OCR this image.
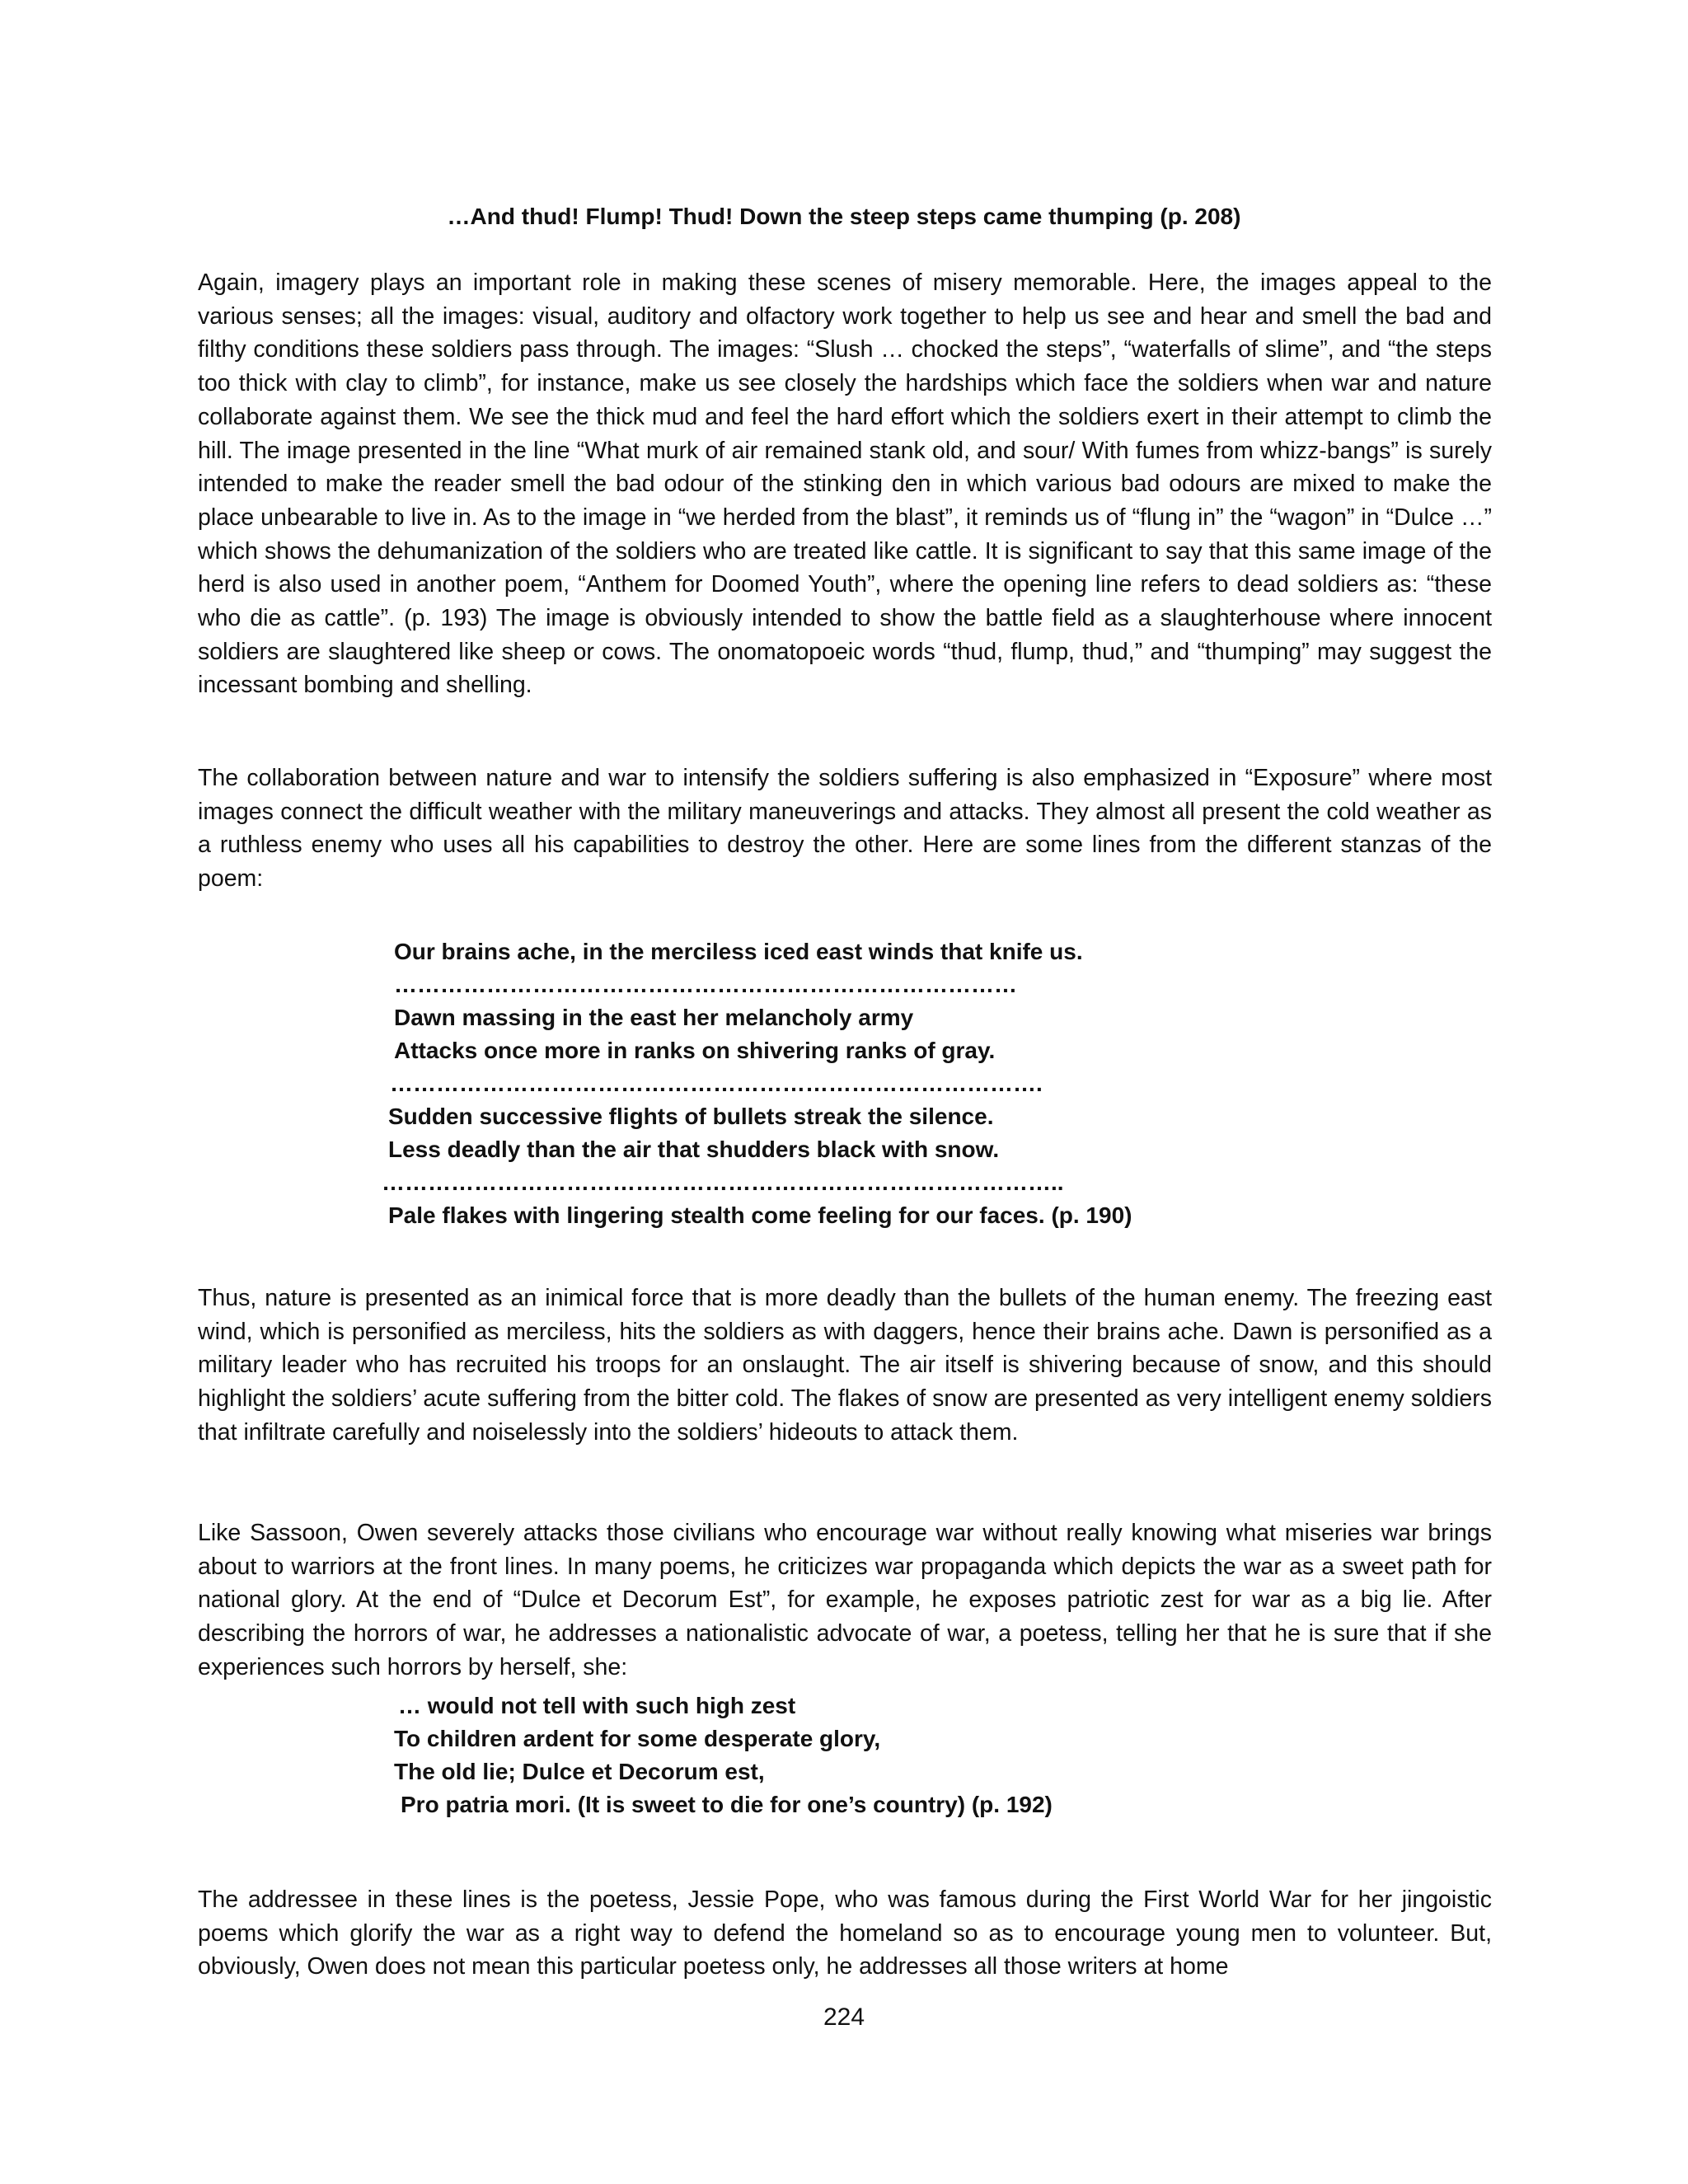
…And thud! Flump! Thud! Down the steep steps came thumping (p. 208)

Again, imagery plays an important role in making these scenes of misery memorable. Here, the images appeal to the various senses; all the images: visual, auditory and olfactory work together to help us see and hear and smell the bad and filthy conditions these soldiers pass through. The images: “Slush … chocked the steps”, “waterfalls of slime”, and “the steps too thick with clay to climb”, for instance, make us see closely the hardships which face the soldiers when war and nature collaborate against them. We see the thick mud and feel the hard effort which the soldiers exert in their attempt to climb the hill. The image presented in the line “What murk of air remained stank old, and sour/ With fumes from whizz-bangs” is surely intended to make the reader smell the bad odour of the stinking den in which various bad odours are mixed to make the place unbearable to live in. As to the image in “we herded from the blast”, it reminds us of “flung in” the “wagon” in “Dulce …” which shows the dehumanization of the soldiers who are treated like cattle. It is significant to say that this same image of the herd is also used in another poem, “Anthem for Doomed Youth”, where the opening line refers to dead soldiers as: “these who die as cattle”. (p. 193) The image is obviously intended to show the battle field as a slaughterhouse where innocent soldiers are slaughtered like sheep or cows. The onomatopoeic words “thud, flump, thud,” and “thumping” may suggest the incessant bombing and shelling.

The collaboration between nature and war to intensify the soldiers suffering is also emphasized in “Exposure” where most images connect the difficult weather with the military maneuverings and attacks. They almost all present the cold weather as a ruthless enemy who uses all his capabilities to destroy the other. Here are some lines from the different stanzas of the poem:

Our brains ache, in the merciless iced east winds that knife us.
………………………………………………………………………
Dawn massing in the east her melancholy army
Attacks once more in ranks on shivering ranks of gray.
………………………………………………………………………….
Sudden successive flights of bullets streak the silence.
Less deadly than the air that shudders black with snow.
……………………………………………………………………………..
Pale flakes with lingering stealth come feeling for our faces. (p. 190)

Thus, nature is presented as an inimical force that is more deadly than the bullets of the human enemy. The freezing east wind, which is personified as merciless, hits the soldiers as with daggers, hence their brains ache. Dawn is personified as a military leader who has recruited his troops for an onslaught. The air itself is shivering because of snow, and this should highlight the soldiers’ acute suffering from the bitter cold. The flakes of snow are presented as very intelligent enemy soldiers that infiltrate carefully and noiselessly into the soldiers’ hideouts to attack them.

Like Sassoon, Owen severely attacks those civilians who encourage war without really knowing what miseries war brings about to warriors at the front lines. In many poems, he criticizes war propaganda which depicts the war as a sweet path for national glory. At the end of “Dulce et Decorum Est”, for example, he exposes patriotic zest for war as a big lie. After describing the horrors of war, he addresses a nationalistic advocate of war, a poetess, telling her that he is sure that if she experiences such horrors by herself, she:

… would not tell with such high zest
To children ardent for some desperate glory,
The old lie; Dulce et Decorum est,
Pro patria mori. (It is sweet to die for one’s country) (p. 192)

The addressee in these lines is the poetess, Jessie Pope, who was famous during the First World War for her jingoistic poems which glorify the war as a right way to defend the homeland so as to encourage young men to volunteer. But, obviously, Owen does not mean this particular poetess only, he addresses all those writers at home

224
